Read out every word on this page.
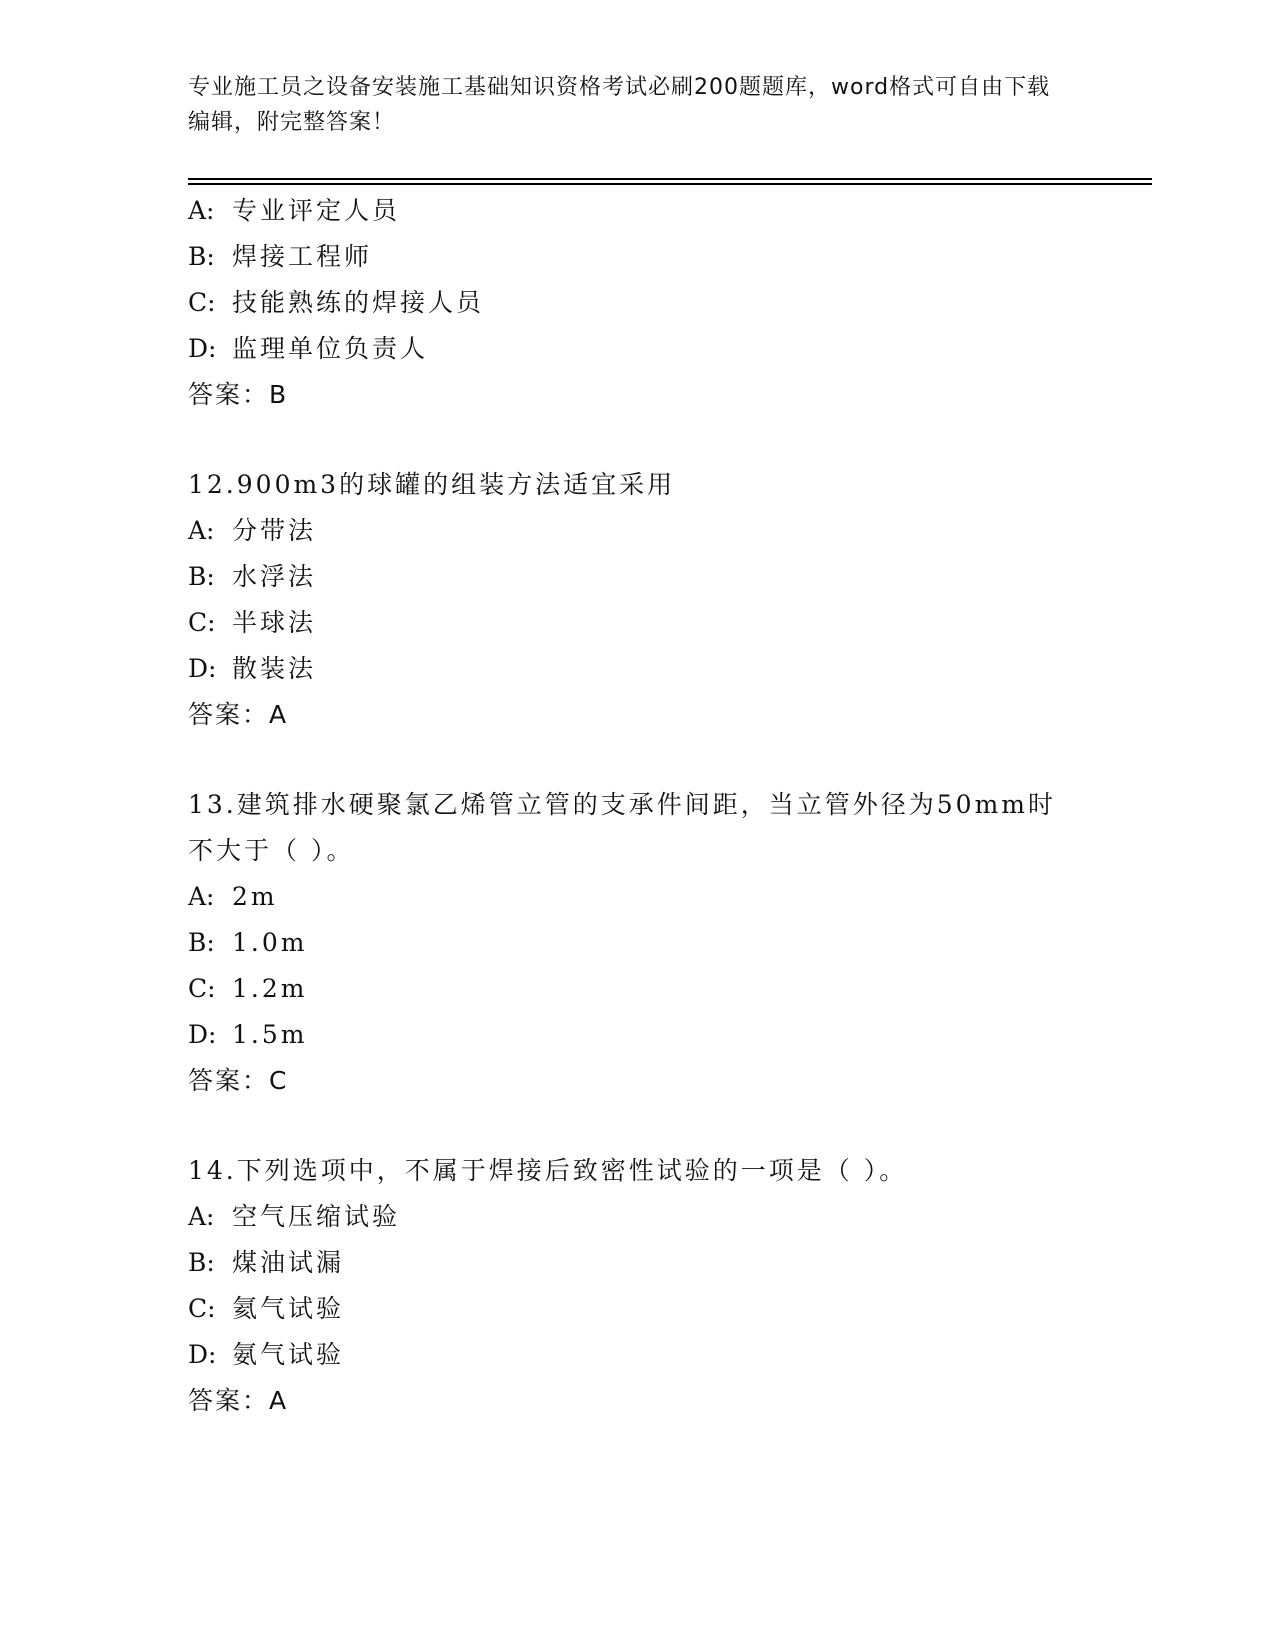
专业施工员之设备安装施工基础知识资格考试必刷200题题库，word格式可自由下载编辑，附完整答案！
A: 专业评定人员
B: 焊接工程师
C: 技能熟练的焊接人员
D: 监理单位负责人
答案：B
12.900m3的球罐的组装方法适宜采用
A: 分带法
B: 水浮法
C: 半球法
D: 散装法
答案：A
13.建筑排水硬聚氯乙烯管立管的支承件间距，当立管外径为50mm时不大于（ ）。
A: 2m
B: 1.0m
C: 1.2m
D: 1.5m
答案：C
14.下列选项中，不属于焊接后致密性试验的一项是（ ）。
A: 空气压缩试验
B: 煤油试漏
C: 氦气试验
D: 氨气试验
答案：A
